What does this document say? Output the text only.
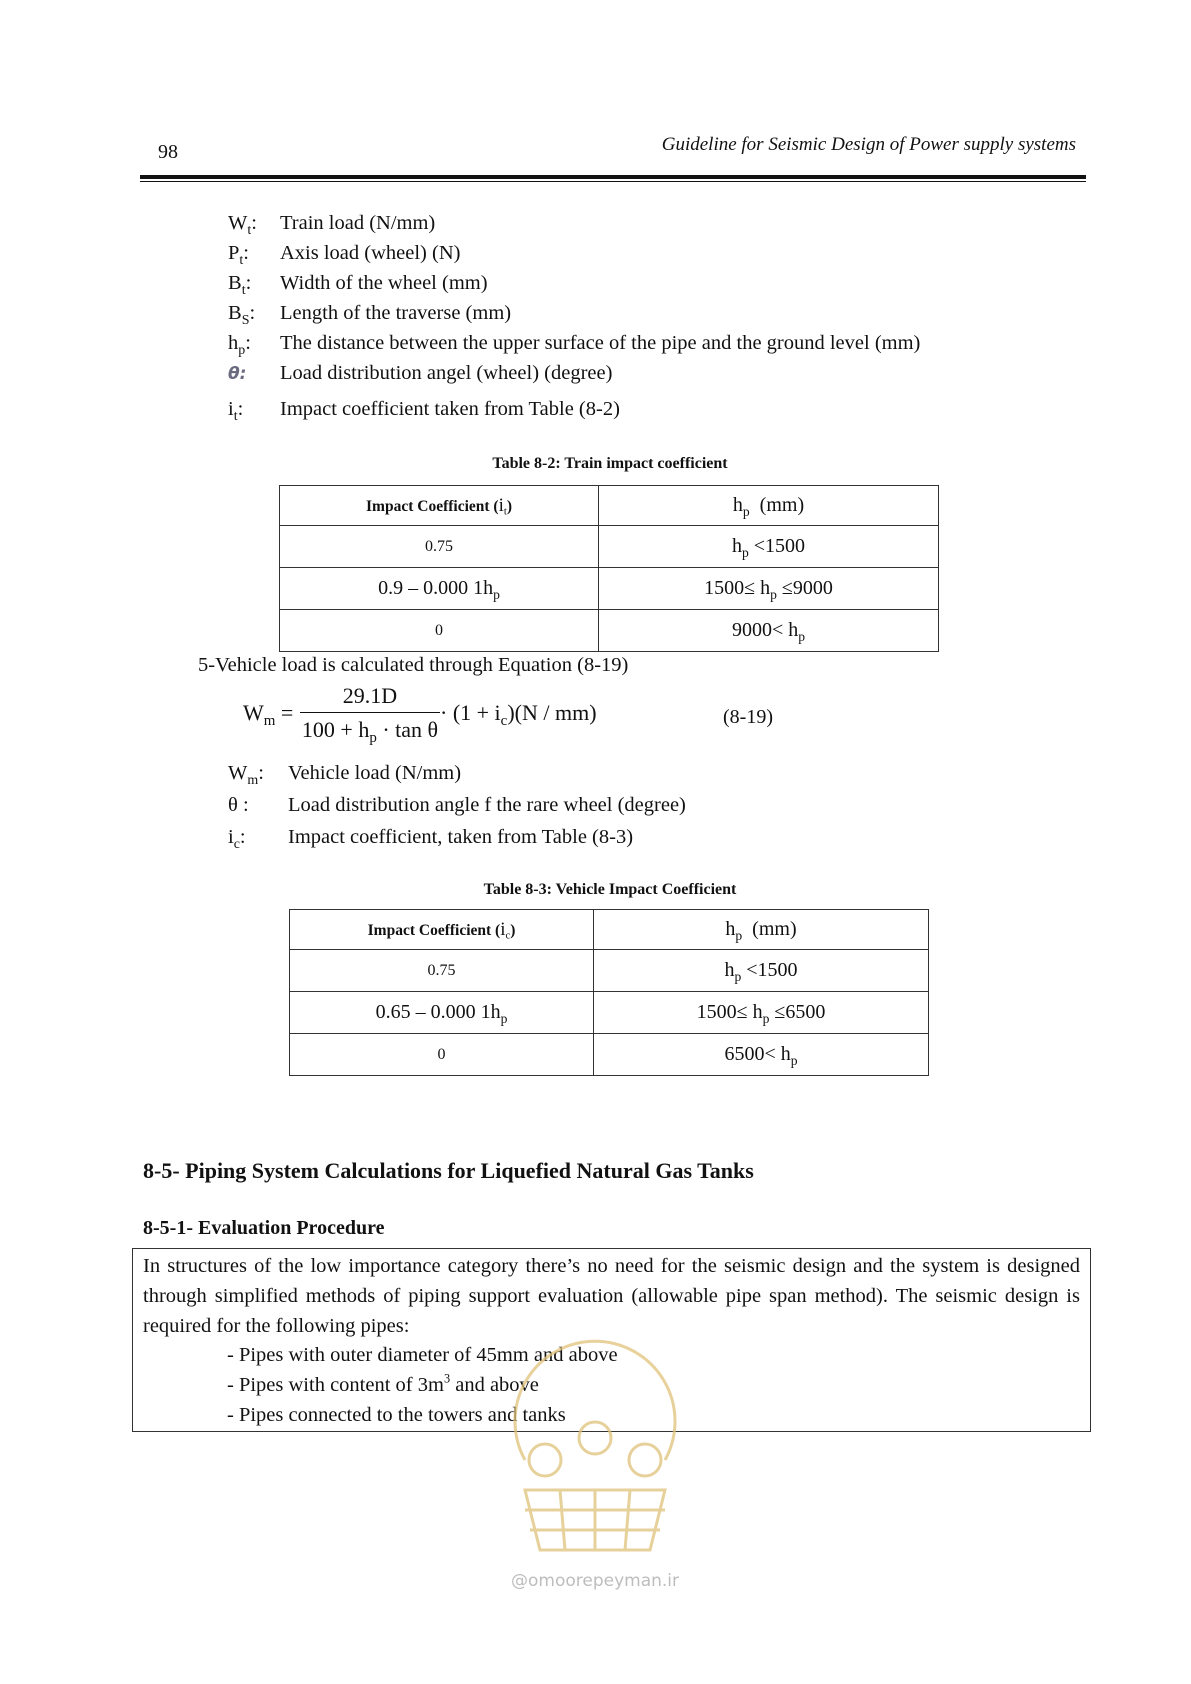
98	Guideline for Seismic Design of Power supply systems
$W_t$: Train load (N/mm)
$P_t$: Axis load (wheel) (N)
$B_t$: Width of the wheel (mm)
$B_S$: Length of the traverse (mm)
$h_p$: The distance between the upper surface of the pipe and the ground level (mm)
θ: Load distribution angel (wheel) (degree)
$i_t$: Impact coefficient taken from Table (8-2)
Table 8-2: Train impact coefficient
Impact Coefficient $(i_t)$	$h_p$ (mm)
0.75	$h_p <1500$
0.9 – 0.000 $1h_p$	$1500\le h_p \le 9000$
0	$9000< h_p$
5-Vehicle load is calculated through Equation (8-19)
$W_m = \frac{29.1D}{100 + h_p \cdot \tan \theta} \cdot (1 + i_c)(N / mm)$	(8-19)
$W_m$: Vehicle load (N/mm)
θ : Load distribution angle f the rare wheel (degree)
$i_c$: Impact coefficient, taken from Table (8-3)
Table 8-3: Vehicle Impact Coefficient
Impact Coefficient $(i_c)$	$h_p$ (mm)
0.75	$h_p <1500$
0.65 – 0.000 $1h_p$	$1500\le h_p \le 6500$
0	$6500< h_p$
8-5- Piping System Calculations for Liquefied Natural Gas Tanks
8-5-1- Evaluation Procedure
In structures of the low importance category there’s no need for the seismic design and the system is designed through simplified methods of piping support evaluation (allowable pipe span method). The seismic design is required for the following pipes:
- Pipes with outer diameter of 45mm and above
- Pipes with content of $3m^3$ and above
- Pipes connected to the towers and tanks
@omoorepeyman.ir
